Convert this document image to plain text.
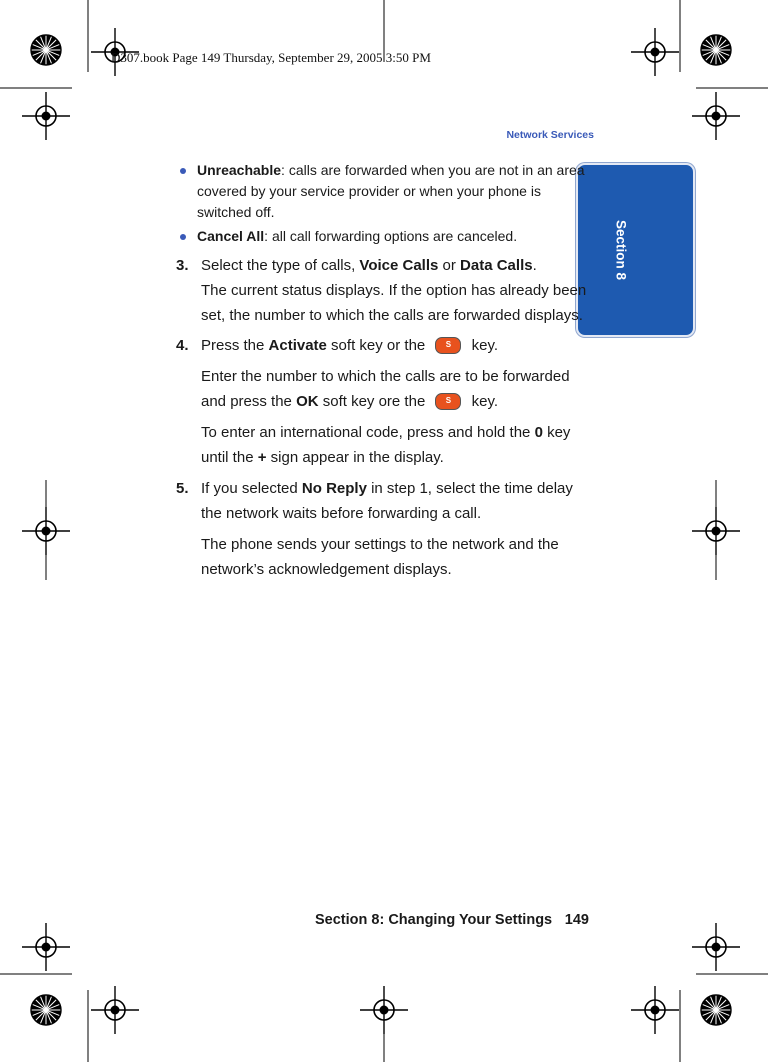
D307.book Page 149 Thursday, September 29, 2005 3:50 PM
Network Services
Section 8
Unreachable: calls are forwarded when you are not in an area covered by your service provider or when your phone is switched off.
Cancel All: all call forwarding options are canceled.
3. Select the type of calls, Voice Calls or Data Calls.
The current status displays. If the option has already been set, the number to which the calls are forwarded displays.

4. Press the Activate soft key or the	S	key.

Enter the number to which the calls are to be forwarded and press the OK soft key ore the	S	key.

To enter an international code, press and hold the 0 key until the + sign appear in the display.

5. If you selected No Reply in step 1, select the time delay the network waits before forwarding a call.

The phone sends your settings to the network and the network’s acknowledgement displays.

Section 8: Changing Your Settings 149
